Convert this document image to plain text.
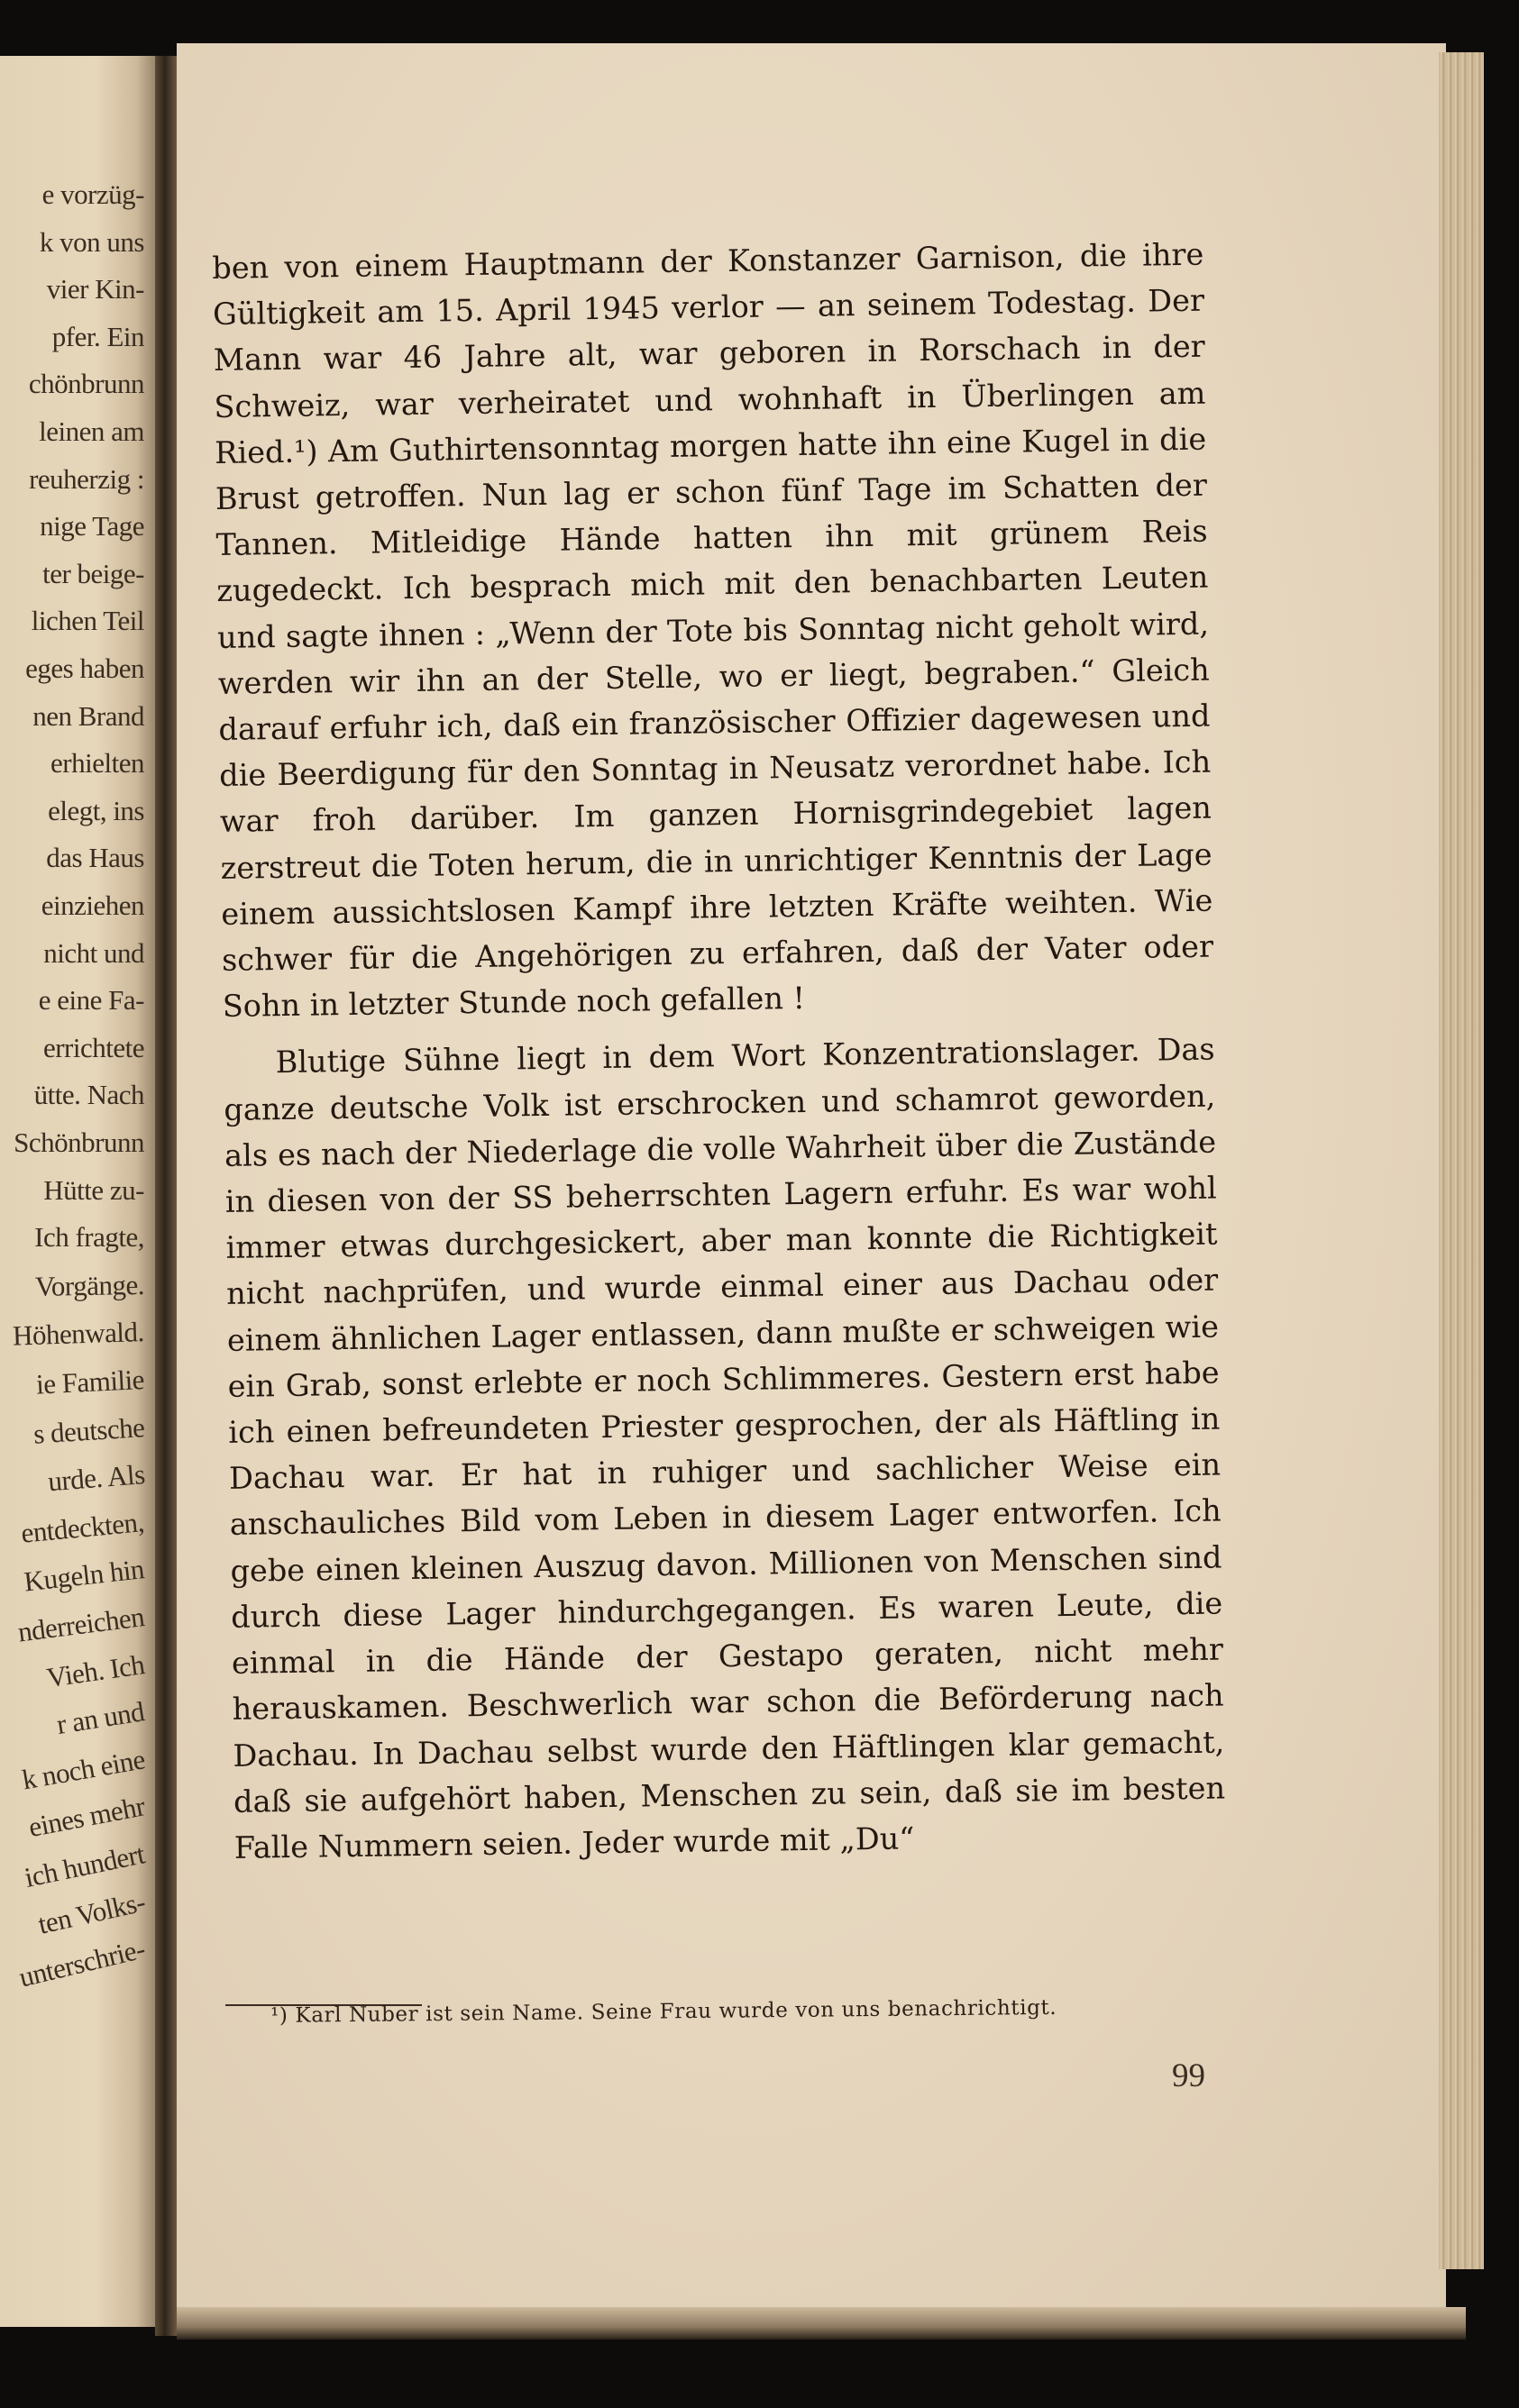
e vorzüg-

k von uns

vier Kin-

pfer. Ein

chönbrunn

leinen am

reuherzig :

nige Tage

ter beige-

lichen Teil

eges haben

nen Brand

erhielten

elegt, ins

das Haus

einziehen

nicht und

e eine Fa-

errichtete

ütte. Nach

Schönbrunn

Hütte zu-

Ich fragte,

Vorgänge.

Höhenwald.

ie Familie

s deutsche

urde. Als

entdeckten,

Kugeln hin

nderreichen

Vieh. Ich

r an und

k noch eine

eines mehr

ich hundert

ten Volks-

unterschrie-

ben von einem Hauptmann der Konstanzer Garnison, die ihre Gültigkeit am 15. April 1945 verlor — an seinem Todestag. Der Mann war 46 Jahre alt, war geboren in Rorschach in der Schweiz, war verheiratet und wohnhaft in Überlingen am Ried.¹) Am Guthirtensonntag morgen hatte ihn eine Kugel in die Brust getroffen. Nun lag er schon fünf Tage im Schatten der Tannen. Mitleidige Hände hatten ihn mit grünem Reis zugedeckt. Ich besprach mich mit den benachbarten Leuten und sagte ihnen : „Wenn der Tote bis Sonntag nicht geholt wird, werden wir ihn an der Stelle, wo er liegt, begraben.“ Gleich darauf erfuhr ich, daß ein französischer Offizier dagewesen und die Beerdigung für den Sonntag in Neusatz verordnet habe. Ich war froh darüber. Im ganzen Hornisgrindegebiet lagen zerstreut die Toten herum, die in unrichtiger Kenntnis der Lage einem aussichtslosen Kampf ihre letzten Kräfte weihten. Wie schwer für die Angehörigen zu erfahren, daß der Vater oder Sohn in letzter Stunde noch gefallen !

Blutige Sühne liegt in dem Wort Konzentrationslager. Das ganze deutsche Volk ist erschrocken und schamrot geworden, als es nach der Niederlage die volle Wahrheit über die Zustände in diesen von der SS beherrschten Lagern erfuhr. Es war wohl immer etwas durchgesickert, aber man konnte die Richtigkeit nicht nachprüfen, und wurde einmal einer aus Dachau oder einem ähnlichen Lager entlassen, dann mußte er schweigen wie ein Grab, sonst erlebte er noch Schlimmeres. Gestern erst habe ich einen befreundeten Priester gesprochen, der als Häftling in Dachau war. Er hat in ruhiger und sachlicher Weise ein anschauliches Bild vom Leben in diesem Lager entworfen. Ich gebe einen kleinen Auszug davon. Millionen von Menschen sind durch diese Lager hindurchgegangen. Es waren Leute, die einmal in die Hände der Gestapo geraten, nicht mehr herauskamen. Beschwerlich war schon die Beförderung nach Dachau. In Dachau selbst wurde den Häftlingen klar gemacht, daß sie aufgehört haben, Menschen zu sein, daß sie im besten Falle Nummern seien. Jeder wurde mit „Du“

¹) Karl Nuber ist sein Name. Seine Frau wurde von uns benachrichtigt.

99
